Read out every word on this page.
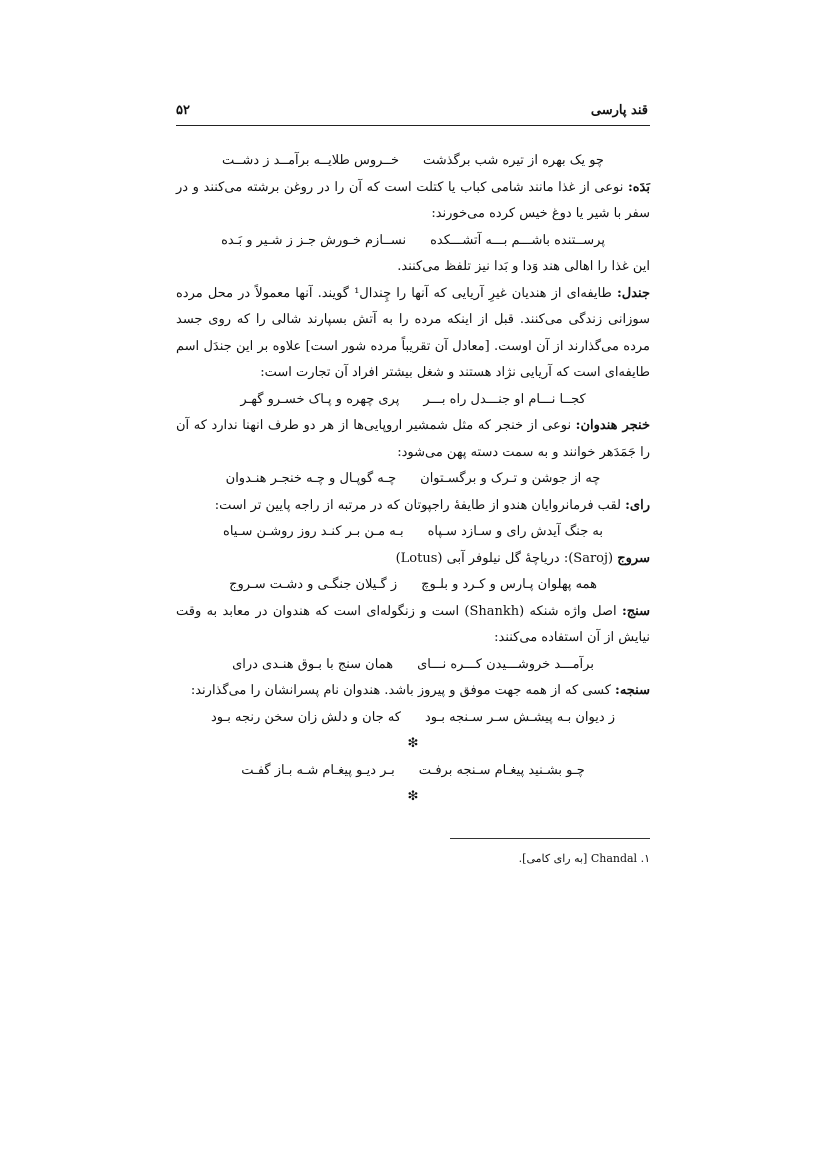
قند پارسی
۵۲

چو یک بهره از تیره شب برگذشت
خــروس طلایــه برآمــد ز دشــت

بَدَه: نوعی از غذا مانند شامی کباب یا کتلت است که آن را در روغن برشته می‌کنند و در سفر با شیر یا دوغ خیس کرده می‌خورند:

پرســتنده باشـــم بـــه آتشـــکده
نســازم خـورش جـز ز شـیر و بَـده

این غذا را اهالی هند وَدا و بَدا نیز تلفظ می‌کنند.

جندل: طایفه‌ای از هندیان غیرِ آریایی که آنها را چِندال¹ گویند. آنها معمولاً در محل مرده سوزانی زندگی می‌کنند. قبل از اینکه مرده را به آتش بسپارند شالی را که روی جسد مرده می‌گذارند از آن اوست. [معادل آن تقریباً مرده شور است] علاوه بر این جندَل اسم طایفه‌ای است که آریایی نژاد هستند و شغل بیشتر افراد آن تجارت است:

کجــا نـــام او جنـــدل راه بـــر
پری چهره و پـاک خسـرو گهـر

خنجر هندوان: نوعی از خنجر که مثل شمشیر اروپایی‌ها از هر دو طرف انهنا ندارد که آن را جَمَدَهر خوانند و به سمت دسته پهن می‌شود:

چه از جوشن و تـرک و برگسـتوان
چـه گوپـال و چـه خنجـر هنـدوان

رای: لقب فرمانروایان هندو از طایفهٔ راجپوتان که در مرتبه از راجه پایین تر است:

به جنگ آیدش رای و سـازد سـپاه
بـه مـن بـر کنـد روز روشـن سـیاه

سروج (Saroj): دریاچهٔ گل نیلوفر آبی (Lotus)

همه پهلوان پـارس و کـرد و بلـوچ
ز گـیلان جنگـی و دشـت سـروج

سنج: اصل واژه شنکه (Shankh) است و زنگوله‌ای است که هندوان در معابد به وقت نیایش از آن استفاده می‌کنند:

برآمـــد خروشـــیدن کـــره نـــای
همان سنج با بـوق هنـدی درای

سنجه: کسی که از همه جهت موفق و پیروز باشد. هندوان نام پسرانشان را می‌گذارند:

ز دیوان بـه پیشـش سـر سـنجه بـود
که جان و دلش زان سخن رنجه بـود

❇

چـو بشـنید پیغـام سـنجه برفـت
بـر دیـو پیغـام شـه بـاز گفـت

❇

۱. Chandal [به رای کامی].
